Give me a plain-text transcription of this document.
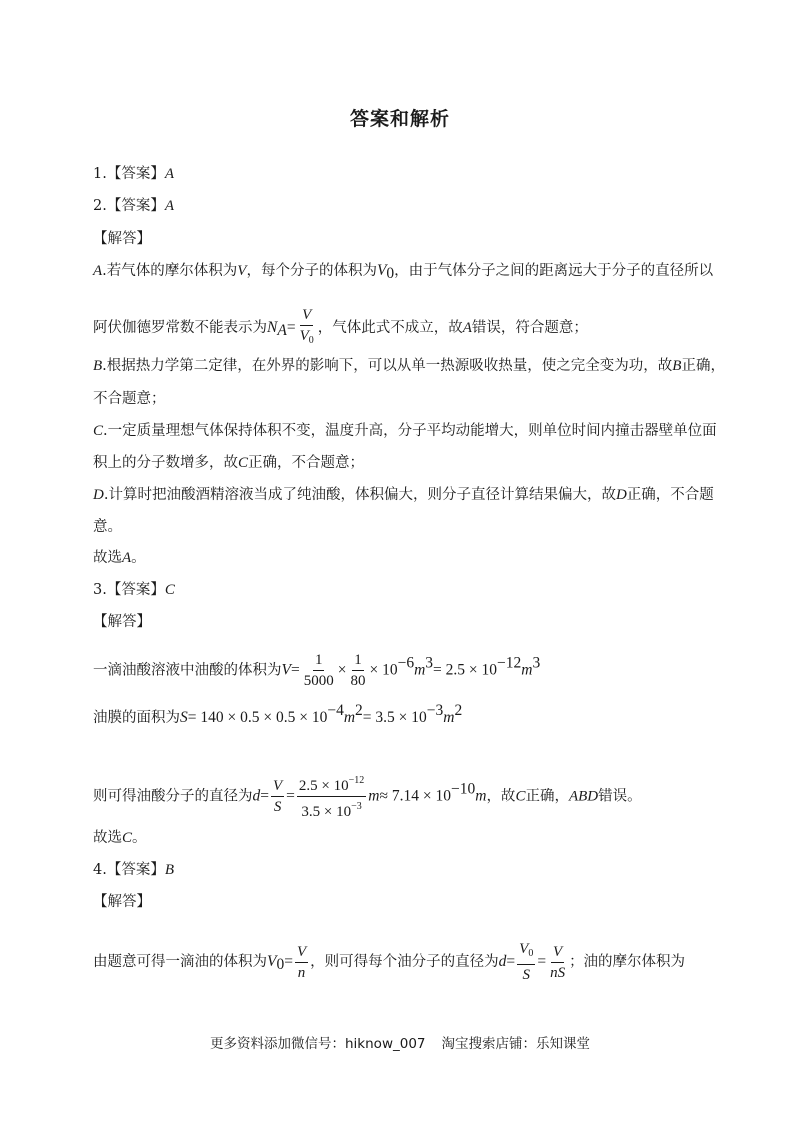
答案和解析
1.【答案】A
2.【答案】A
【解答】
A.若气体的摩尔体积为V，每个分子的体积为$V_0$，由于气体分子之间的距离远大于分子的直径所以
阿伏伽德罗常数不能表示为$N_A= \frac{V}{V_0}$ ，气体此式不成立，故A错误，符合题意；
B.根据热力学第二定律，在外界的影响下，可以从单一热源吸收热量，使之完全变为功，故B正确，
不合题意；
C.一定质量理想气体保持体积不变，温度升高，分子平均动能增大，则单位时间内撞击器壁单位面
积上的分子数增多，故C正确，不合题意；
D.计算时把油酸酒精溶液当成了纯油酸，体积偏大，则分子直径计算结果偏大，故D正确，不合题
意。
故选A。
3.【答案】C
【解答】
一滴油酸溶液中油酸的体积为$V= \frac{1}{5000} \times \frac{1}{80} \times 10^{-6}m^3= 2.5 \times 10^{-12}m^3$
油膜的面积为$S= 140 \times 0.5 \times 0.5 \times 10^{-4}m^2= 3.5 \times 10^{-3}m^2$
则可得油酸分子的直径为$d= \frac{V}{S} = \frac{2.5 \times 10^{-12}}{3.5 \times 10^{-3}} m\approx 7.14 \times 10^{-10}m$，故C正确，ABD错误。
故选C。
4.【答案】B
【解答】
由题意可得一滴油的体积为$V_0= \frac{V}{n}$ ，则可得每个油分子的直径为$d= \frac{V_0}{S} = \frac{V}{nS}$ ；油的摩尔体积为
更多资料添加微信号：hiknow_007 淘宝搜索店铺：乐知课堂
